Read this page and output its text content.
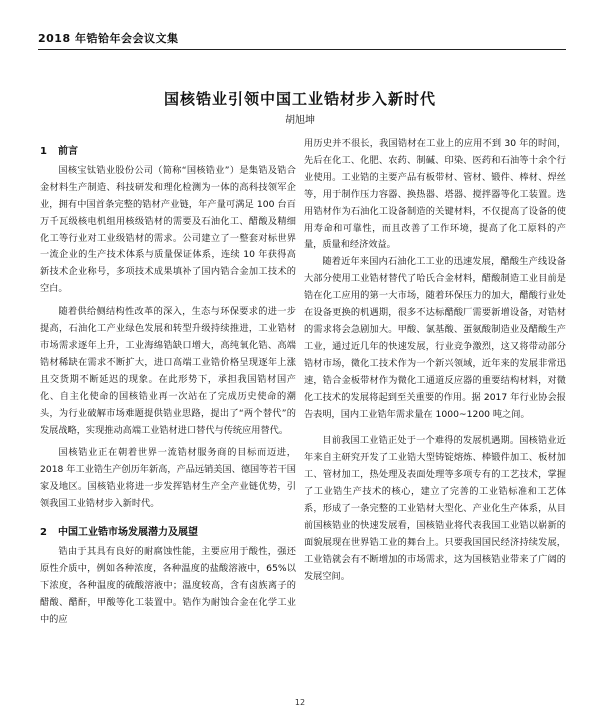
2018 年锆铪年会会议文集
国核锆业引领中国工业锆材步入新时代
胡旭坤
1 前言

国核宝钛锆业股份公司（简称“国核锆业”）是集锆及锆合金材料生产制造、科技研发和理化检测为一体的高科技领军企业，拥有中国首条完整的锆材产业链，年产量可满足 100 台百万千瓦级核电机组用核级锆材的需要及石油化工、醋酸及精细化工等行业对工业级锆材的需求。公司建立了一整套对标世界一流企业的生产技术体系与质量保证体系，连续 10 年获得高新技术企业称号，多项技术成果填补了国内锆合金加工技术的空白。

随着供给侧结构性改革的深入，生态与环保要求的进一步提高，石油化工产业绿色发展和转型升级持续推进，工业锆材市场需求逐年上升，工业海绵锆缺口增大，高纯氧化锆、高端锆材稀缺在需求不断扩大，进口高端工业锆价格呈现逐年上涨且交货期不断延迟的现象。在此形势下，承担我国锆材国产化、自主化使命的国核锆业再一次站在了完成历史使命的潮头，为行业破解市场难题提供锆业思路，提出了“两个替代”的发展战略，实现推动高端工业锆材进口替代与传统应用替代。

国核锆业正在朝着世界一流锆材服务商的目标而迈进，2018 年工业锆生产创历年新高，产品远销美国、德国等若干国家及地区。国核锆业将进一步发挥锆材生产全产业链优势，引领我国工业锆材步入新时代。

2 中国工业锆市场发展潜力及展望

锆由于其具有良好的耐腐蚀性能，主要应用于酸性，强还原性介质中，例如各种浓度，各种温度的盐酸溶液中，65%以下浓度，各种温度的硫酸溶液中；温度较高，含有卤族离子的醋酸、醋酐，甲酸等化工装置中。锆作为耐蚀合金在化学工业中的应

用历史并不很长，我国锆材在工业上的应用不到 30 年的时间，先后在化工、化肥、农药、制碱、印染、医药和石油等十余个行业使用。工业锆的主要产品有板带材、管材、锻件、棒材、焊丝等，用于制作压力容器、换热器、塔器、搅拌器等化工装置。选用锆材作为石油化工设备制造的关键材料，不仅提高了设备的使用寿命和可靠性，而且改善了工作环境，提高了化工原料的产量，质量和经济效益。

随着近年来国内石油化工工业的迅速发展，醋酸生产线设备大部分使用工业锆材替代了哈氏合金材料，醋酸制造工业目前是锆在化工应用的第一大市场，随着环保压力的加大，醋酸行业处在设备更换的机遇期，很多不达标醋酸厂需要新增设备，对锆材的需求将会急剧加大。甲酸、氯基酸、蛋氨酸制造业及醋酸生产工业，通过近几年的快速发展，行业竞争激烈，这又将带动部分锆材市场，微化工技术作为一个新兴领域，近年来的发展非常迅速，锆合金板带材作为微化工通道反应器的重要结构材料，对微化工技术的发展将起到至关重要的作用。据 2017 年行业协会报告表明，国内工业锆年需求量在 1000~1200 吨之间。

目前我国工业锆正处于一个难得的发展机遇期。国核锆业近年来自主研究开发了工业锆大型铸锭熔炼、棒锻件加工、板材加工、管材加工，热处理及表面处理等多项专有的工艺技术，掌握了工业锆生产技术的核心，建立了完善的工业锆标准和工艺体系，形成了一条完整的工业锆材大型化、产业化生产体系，从目前国核锆业的快速发展看，国核锆业将代表我国工业锆以崭新的面貌展现在世界锆工业的舞台上。只要我国国民经济持续发展，工业锆就会有不断增加的市场需求，这为国核锆业带来了广阔的发展空间。

12
